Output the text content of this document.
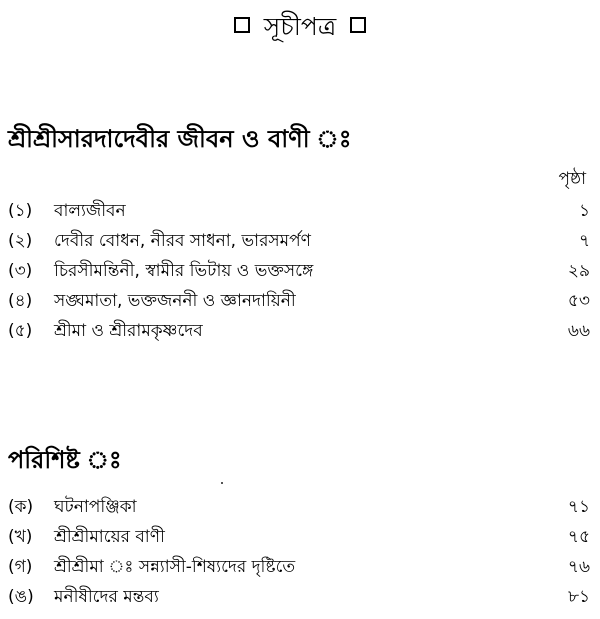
সূচীপত্র
শ্রীশ্রীসারদাদেবীর জীবন ও বাণী ঃ
পৃষ্ঠা
(১) বাল্যজীবন	১
(২) দেবীর বোধন, নীরব সাধনা, ভারসমর্পণ	৭
(৩) চিরসীমন্তিনী, স্বামীর ভিটায় ও ভক্তসঙ্গে	২৯
(৪) সঙ্ঘমাতা, ভক্তজননী ও জ্ঞানদায়িনী	৫৩
(৫) শ্রীমা ও শ্রীরামকৃষ্ণদেব	৬৬
পরিশিষ্ট ঃ
(ক) ঘটনাপঞ্জিকা	৭১
(খ) শ্রীশ্রীমায়ের বাণী	৭৫
(গ) শ্রীশ্রীমা ঃ সন্ন্যাসী-শিষ্যদের দৃষ্টিতে	৭৬
(ঙ) মনীষীদের মন্তব্য	৮১
